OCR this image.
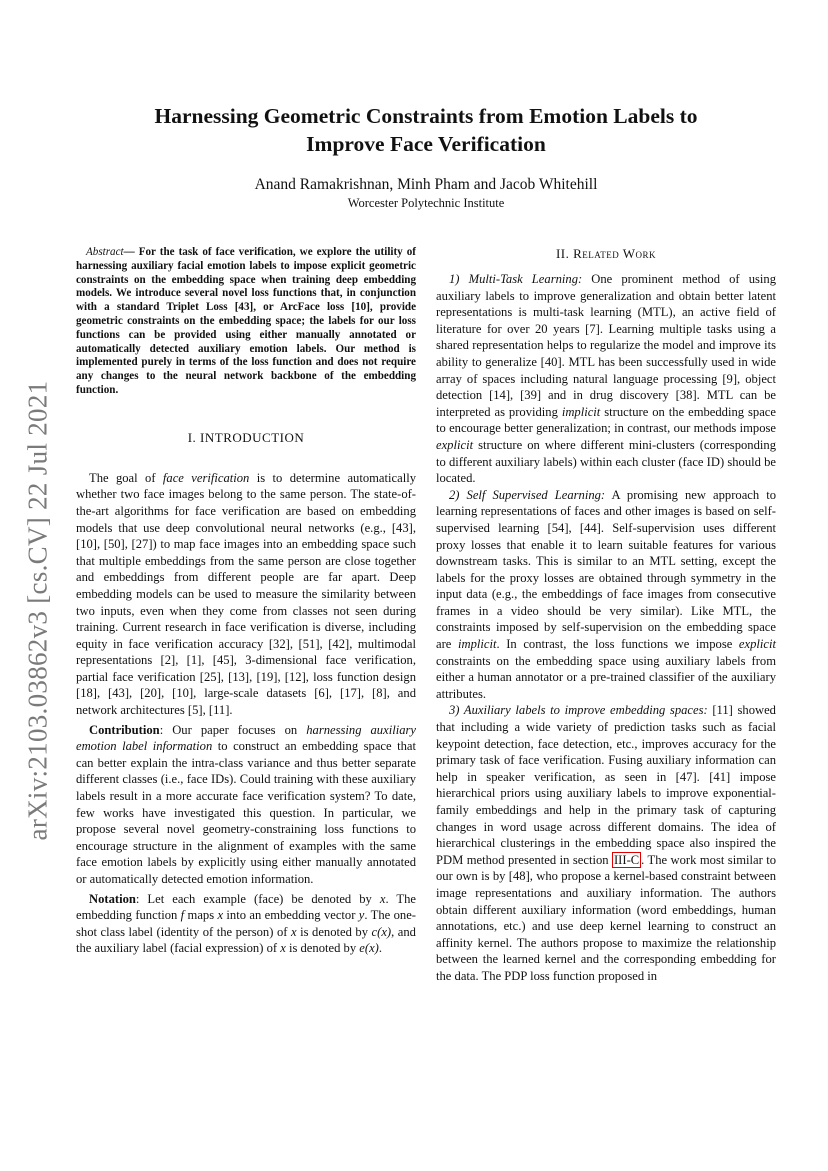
arXiv:2103.03862v3 [cs.CV] 22 Jul 2021
Harnessing Geometric Constraints from Emotion Labels to
Improve Face Verification
Anand Ramakrishnan, Minh Pham and Jacob Whitehill
Worcester Polytechnic Institute

Abstract— For the task of face verification, we explore the utility of harnessing auxiliary facial emotion labels to impose explicit geometric constraints on the embedding space when training deep embedding models. We introduce several novel loss functions that, in conjunction with a standard Triplet Loss [43], or ArcFace loss [10], provide geometric constraints on the embedding space; the labels for our loss functions can be provided using either manually annotated or automatically detected auxiliary emotion labels. Our method is implemented purely in terms of the loss function and does not require any changes to the neural network backbone of the embedding function.

I. INTRODUCTION

The goal of face verification is to determine automatically whether two face images belong to the same person. The state-of-the-art algorithms for face verification are based on embedding models that use deep convolutional neural networks (e.g., [43], [10], [50], [27]) to map face images into an embedding space such that multiple embeddings from the same person are close together and embeddings from different people are far apart. Deep embedding models can be used to measure the similarity between two inputs, even when they come from classes not seen during training. Current research in face verification is diverse, including equity in face verification accuracy [32], [51], [42], multimodal representations [2], [1], [45], 3-dimensional face verification, partial face verification [25], [13], [19], [12], loss function design [18], [43], [20], [10], large-scale datasets [6], [17], [8], and network architectures [5], [11].

Contribution: Our paper focuses on harnessing auxiliary emotion label information to construct an embedding space that can better explain the intra-class variance and thus better separate different classes (i.e., face IDs). Could training with these auxiliary labels result in a more accurate face verification system? To date, few works have investigated this question. In particular, we propose several novel geometry-constraining loss functions to encourage structure in the alignment of examples with the same face emotion labels by explicitly using either manually annotated or automatically detected emotion information.

Notation: Let each example (face) be denoted by x. The embedding function f maps x into an embedding vector y. The one-shot class label (identity of the person) of x is denoted by c(x), and the auxiliary label (facial expression) of x is denoted by e(x).

II. Related Work

1) Multi-Task Learning: One prominent method of using auxiliary labels to improve generalization and obtain better latent representations is multi-task learning (MTL), an active field of literature for over 20 years [7]. Learning multiple tasks using a shared representation helps to regularize the model and improve its ability to generalize [40]. MTL has been successfully used in wide array of spaces including natural language processing [9], object detection [14], [39] and in drug discovery [38]. MTL can be interpreted as providing implicit structure on the embedding space to encourage better generalization; in contrast, our methods impose explicit structure on where different mini-clusters (corresponding to different auxiliary labels) within each cluster (face ID) should be located.

2) Self Supervised Learning: A promising new approach to learning representations of faces and other images is based on self-supervised learning [54], [44]. Self-supervision uses different proxy losses that enable it to learn suitable features for various downstream tasks. This is similar to an MTL setting, except the labels for the proxy losses are obtained through symmetry in the input data (e.g., the embeddings of face images from consecutive frames in a video should be very similar). Like MTL, the constraints imposed by self-supervision on the embedding space are implicit. In contrast, the loss functions we impose explicit constraints on the embedding space using auxiliary labels from either a human annotator or a pre-trained classifier of the auxiliary attributes.

3) Auxiliary labels to improve embedding spaces: [11] showed that including a wide variety of prediction tasks such as facial keypoint detection, face detection, etc., improves accuracy for the primary task of face verification. Fusing auxiliary information can help in speaker verification, as seen in [47]. [41] impose hierarchical priors using auxiliary labels to improve exponential-family embeddings and help in the primary task of capturing changes in word usage across different domains. The idea of hierarchical clusterings in the embedding space also inspired the PDM method presented in section III-C . The work most similar to our own is by [48], who propose a kernel-based constraint between image representations and auxiliary information. The authors obtain different auxiliary information (word embeddings, human annotations, etc.) and use deep kernel learning to construct an affinity kernel. The authors propose to maximize the relationship between the learned kernel and the corresponding embedding for the data. The PDP loss function proposed in
